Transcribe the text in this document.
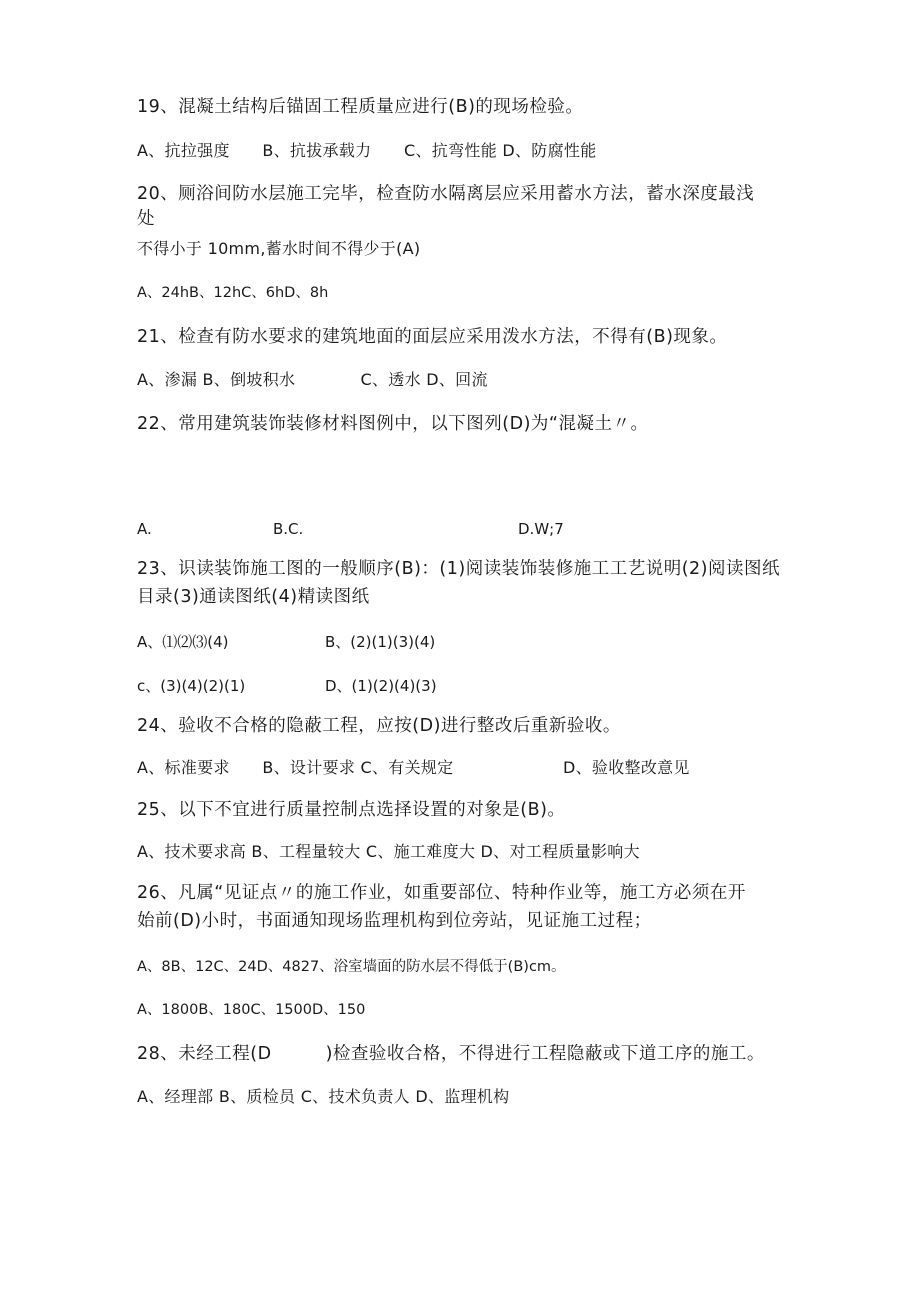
19、混凝土结构后锚固工程质量应进行(B)的现场检验。
A、抗拉强度　　B、抗拔承载力　　C、抗弯性能 D、防腐性能
20、厕浴间防水层施工完毕，检查防水隔离层应采用蓄水方法，蓄水深度最浅
处
不得小于 10mm,蓄水时间不得少于(A)
A、24hB、12hC、6hD、8h
21、检查有防水要求的建筑地面的面层应采用泼水方法，不得有(B)现象。
A、渗漏 B、倒坡积水　　　　C、透水 D、回流
22、常用建筑装饰装修材料图例中，以下图列(D)为“混凝土〃。
A.	B.C.	D.W;7
23、识读装饰施工图的一般顺序(B)：(1)阅读装饰装修施工工艺说明(2)阅读图纸
目录(3)通读图纸(4)精读图纸
A、⑴⑵⑶(4)	B、(2)(1)(3)(4)
c、(3)(4)(2)(1)	D、(1)(2)(4)(3)
24、验收不合格的隐蔽工程，应按(D)进行整改后重新验收。
A、标准要求　　B、设计要求 C、有关规定	D、验收整改意见
25、以下不宜进行质量控制点选择设置的对象是(B)。
A、技术要求高 B、工程量较大 C、施工难度大 D、对工程质量影响大
26、凡属“见证点〃的施工作业，如重要部位、特种作业等，施工方必须在开
始前(D)小时，书面通知现场监理机构到位旁站，见证施工过程；
A、8B、12C、24D、4827、浴室墙面的防水层不得低于(B)cm。
A、1800B、180C、1500D、150
28、未经工程(D　　　)检查验收合格，不得进行工程隐蔽或下道工序的施工。
A、经理部 B、质检员 C、技术负责人 D、监理机构
